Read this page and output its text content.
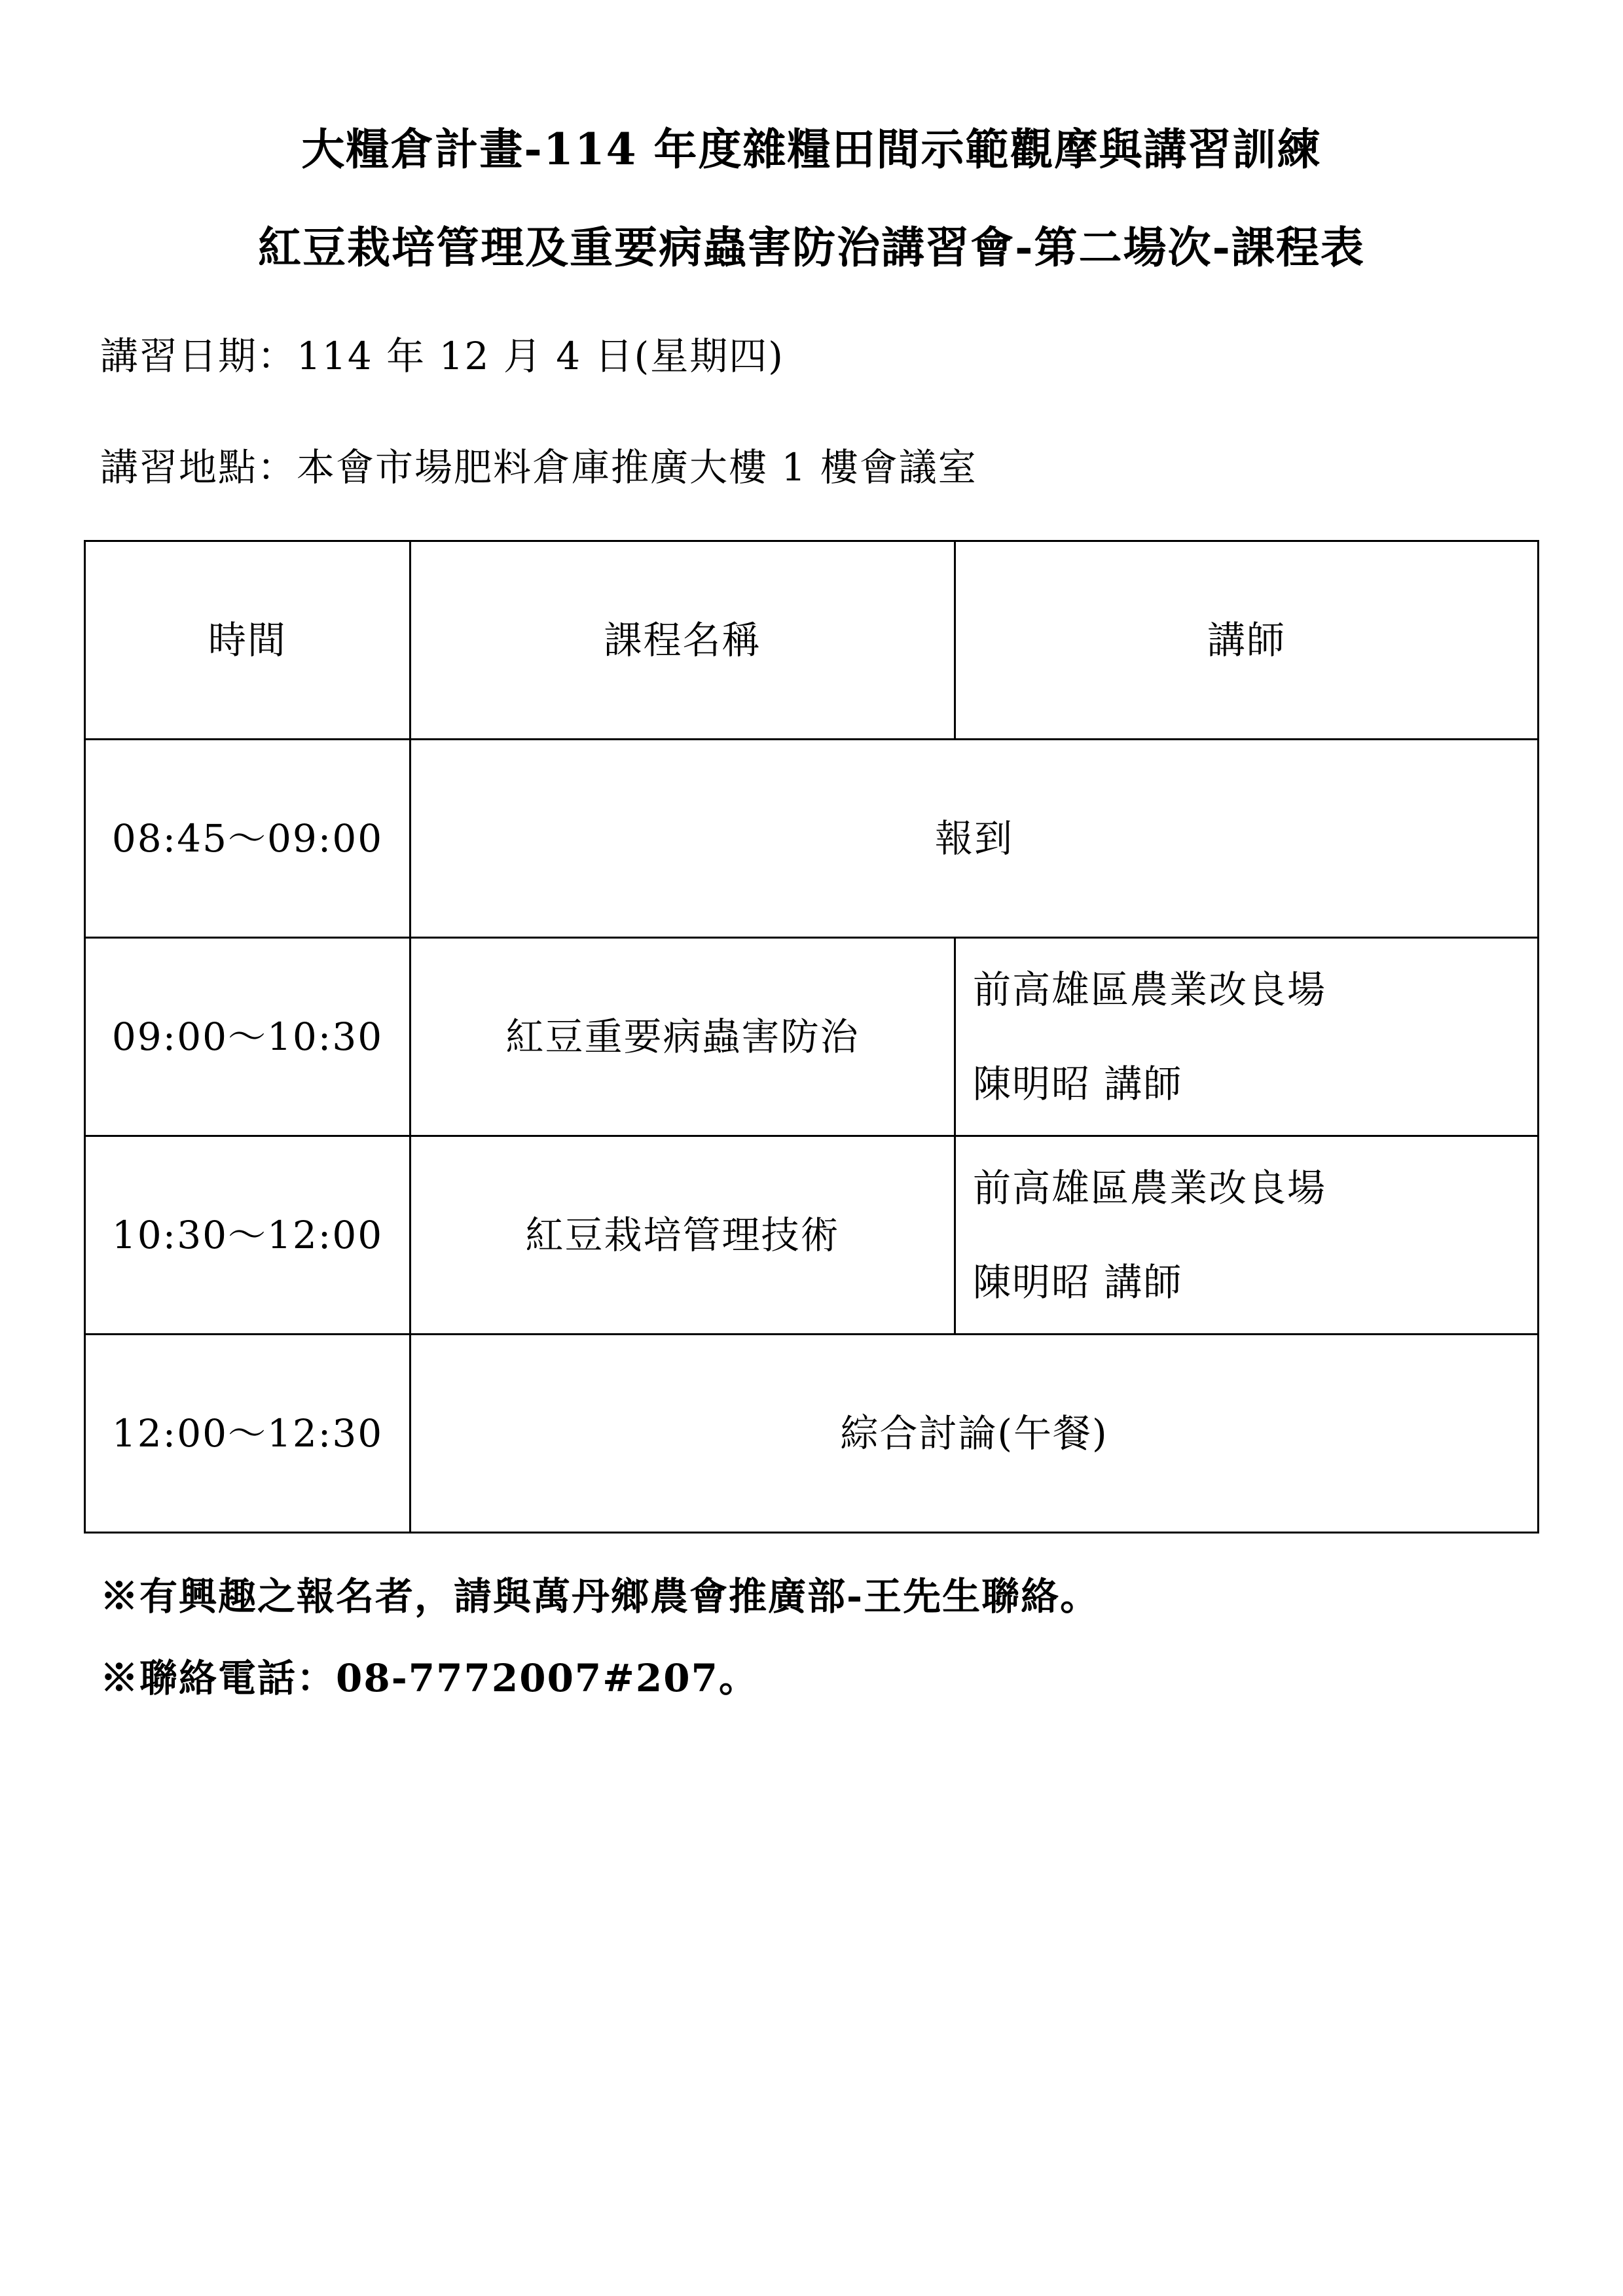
大糧倉計畫-114 年度雜糧田間示範觀摩與講習訓練
紅豆栽培管理及重要病蟲害防治講習會-第二場次-課程表
講習日期：114 年 12 月 4 日(星期四)
講習地點：本會市場肥料倉庫推廣大樓 1 樓會議室
時間	課程名稱	講師
08:45～09:00	報到	
09:00～10:30	紅豆重要病蟲害防治	前高雄區農業改良場
陳明昭 講師

10:30～12:00	紅豆栽培管理技術	前高雄區農業改良場
陳明昭 講師

12:00～12:30	綜合討論(午餐)	
※有興趣之報名者，請與萬丹鄉農會推廣部-王先生聯絡。
※聯絡電話：08-7772007#207。
